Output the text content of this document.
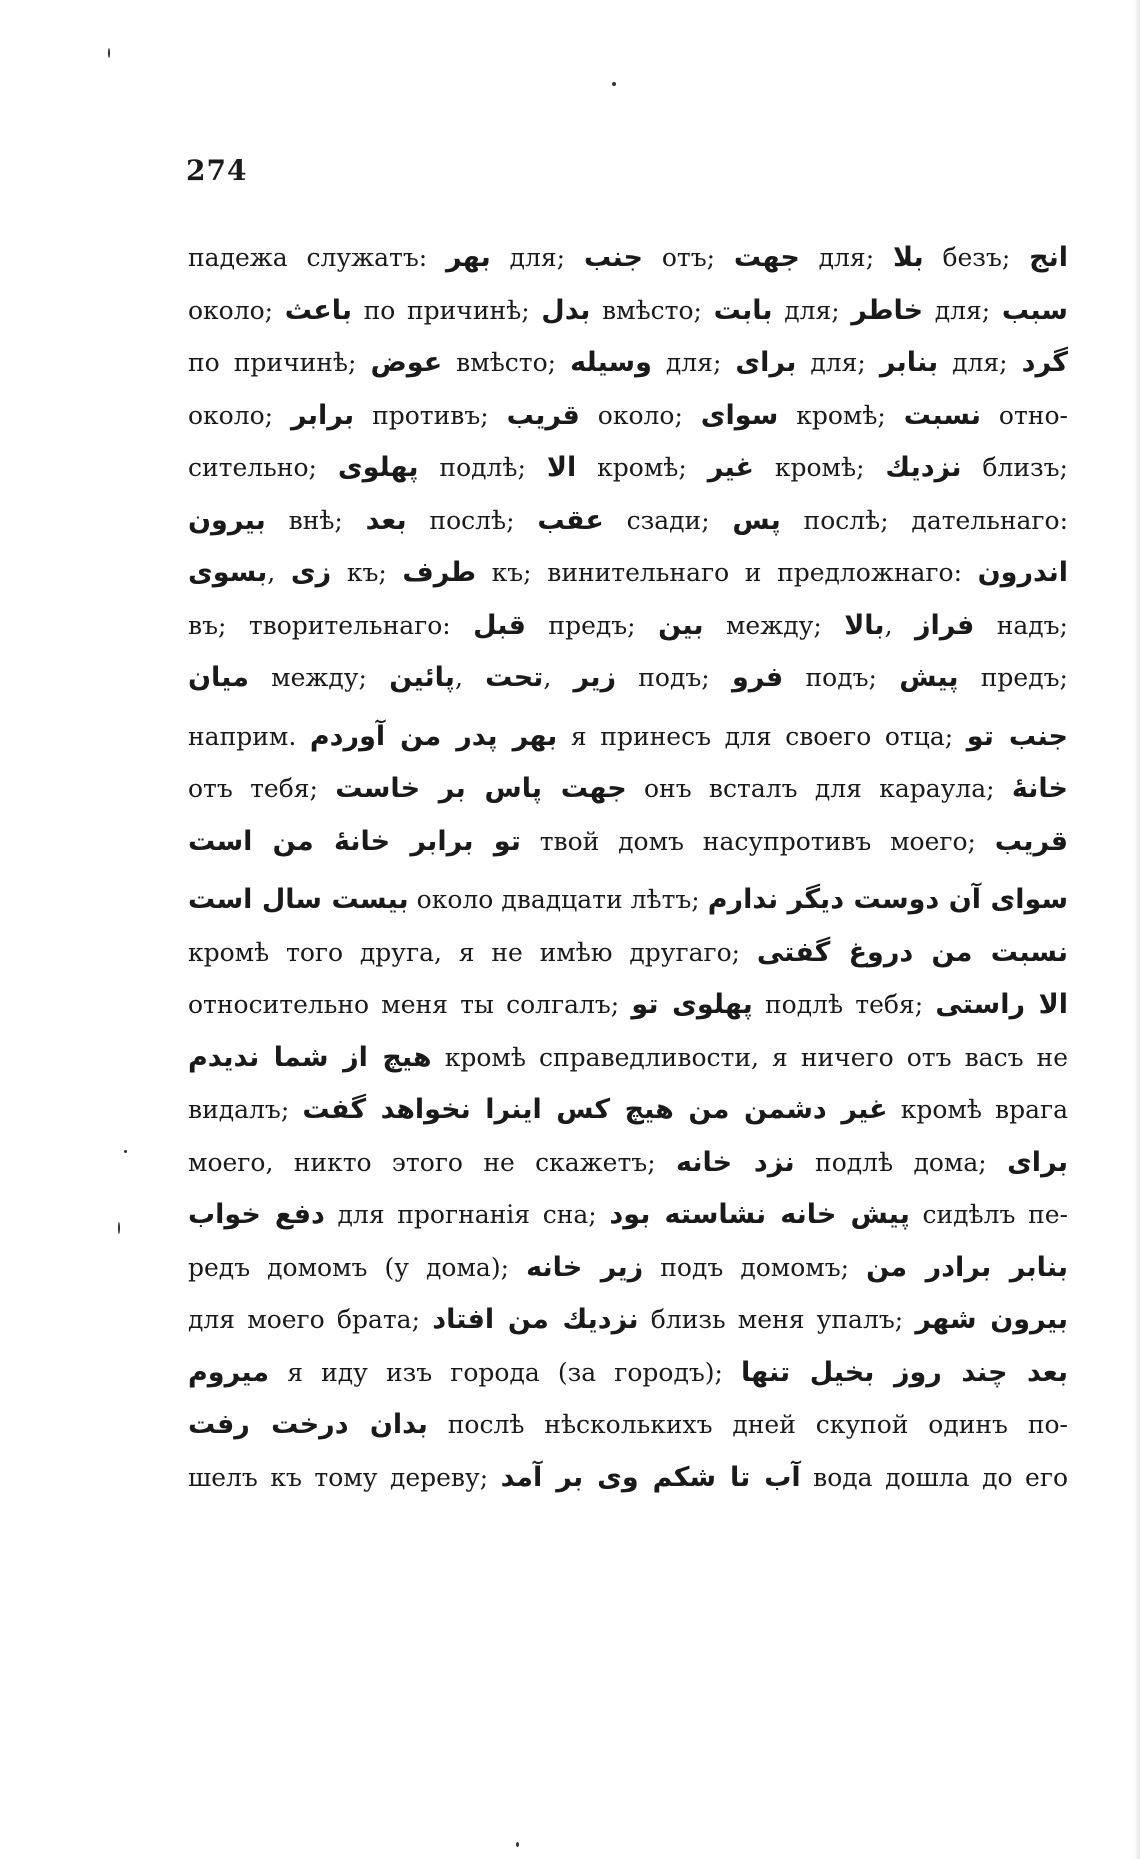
274
падежа служатъ: بهر для; جنب отъ; جهت для; بلا безъ; انج
около; باعث по причинѣ; بدل вмѣсто; بابت для; خاطر для; سبب
по причинѣ; عوض вмѣсто; وسيله для; براى для; بنابر для; گرد
около; برابر противъ; قريب около; سواى кромѣ; نسبت отно-
сительно; پهلوى подлѣ; الا кромѣ; غير кромѣ; نزديك близъ;
بيرون внѣ; بعد послѣ; عقب сзади; پس послѣ; дательнаго:
بسوى, زى къ; طرف къ; винительнаго и предложнаго: اندرون
въ; творительнаго: قبل предъ; بين между; بالا, فراز надъ;
ميان между; پائين, تحت, زير подъ; فرو подъ; پيش предъ;
наприм. بهر پدر من آوردم я принесъ для своего отца; جنب تو
отъ тебя; جهت پاس بر خاست онъ всталъ для караула; خانهٔ
تو برابر خانهٔ من است твой домъ насупротивъ моего; قريب
بيست سال است около двадцати лѣтъ; سواى آن دوست ديگر ندارم
кромѣ того друга, я не имѣю другаго; نسبت من دروغ گفتى
относительно меня ты солгалъ; پهلوى تو подлѣ тебя; الا راستى
هيچ از شما نديدم кромѣ справедливости, я ничего отъ васъ не
видалъ; غير دشمن من هيچ كس اينرا نخواهد گفت кромѣ врага
моего, никто этого не скажетъ; نزد خانه подлѣ дома; براى
دفع خواب для прогнанія сна; پيش خانه نشاسته بود сидѣлъ пе-
редъ домомъ (у дома); زير خانه подъ домомъ; بنابر برادر من
для моего брата; نزديك من افتاد близь меня упалъ; بيرون شهر
ميروم я иду изъ города (за городъ); بعد چند روز بخيل تنها
بدان درخت رفت послѣ нѣсколькихъ дней скупой одинъ по-
шелъ къ тому дереву; آب تا شكم وى بر آمد вода дошла до его
